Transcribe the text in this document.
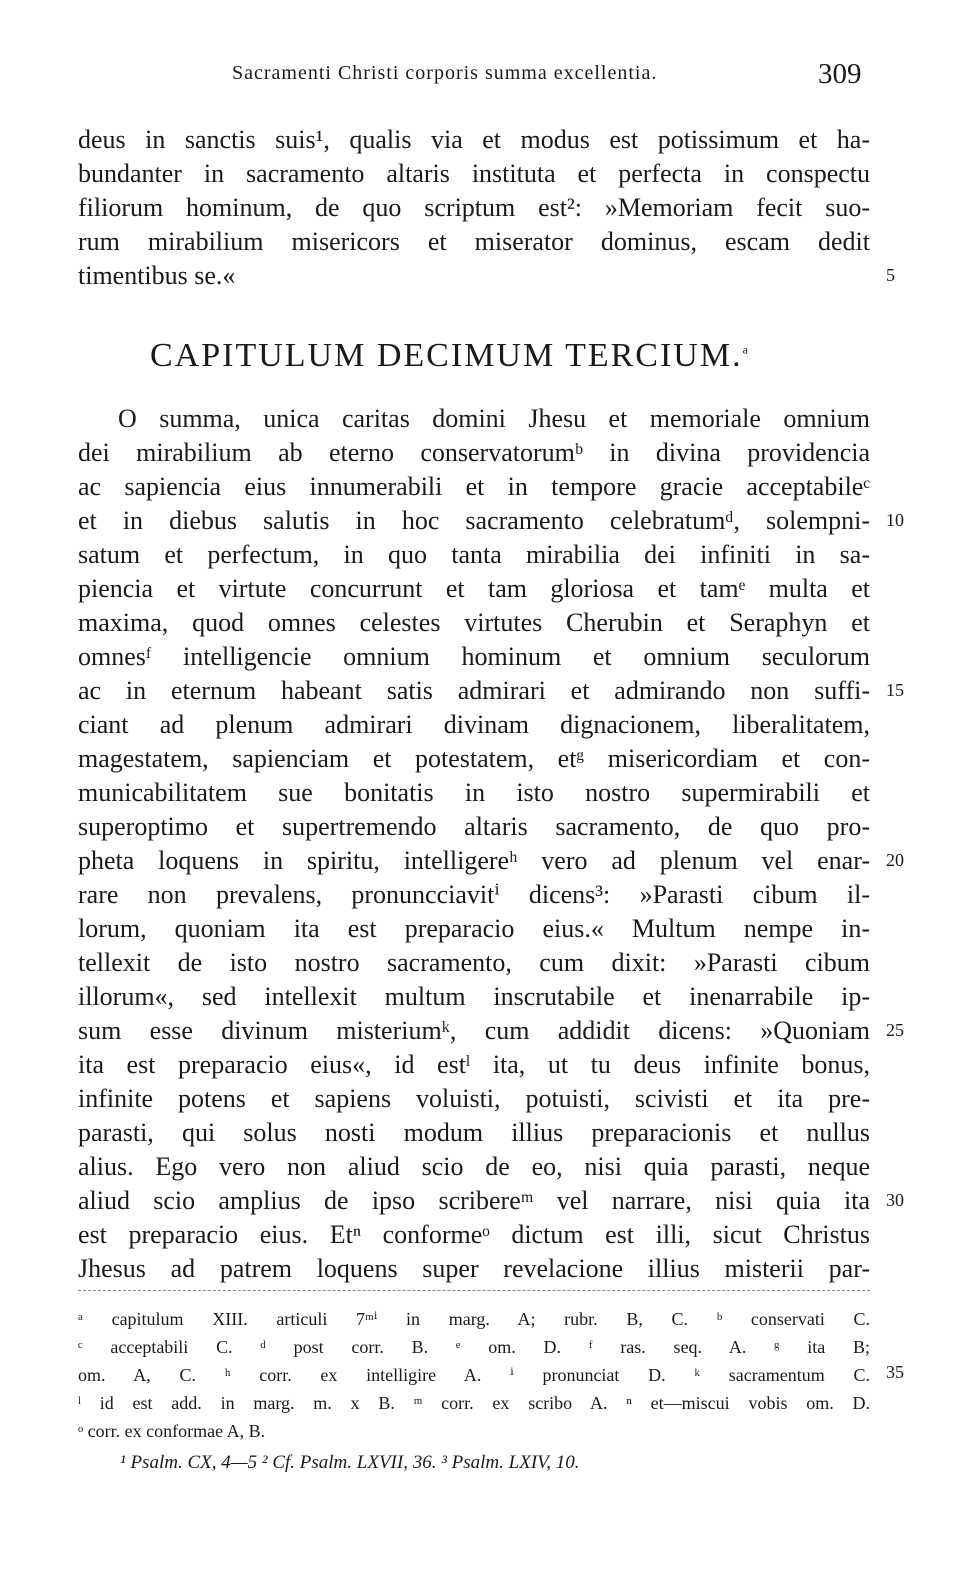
Sacramenti Christi corporis summa excellentia.	309
deus in sanctis suis¹, qualis via et modus est potissimum et ha-
bundanter in sacramento altaris instituta et perfecta in conspectu
filiorum hominum, de quo scriptum est²: »Memoriam fecit suo-
rum mirabilium misericors et miserator dominus, escam dedit
timentibus se.«
CAPITULUM DECIMUM TERCIUM.$^a$
O summa, unica caritas domini Jhesu et memoriale omnium
dei mirabilium ab eterno conservatorumᵇ in divina providencia
ac sapiencia eius innumerabili et in tempore gracie acceptabileᶜ
et in diebus salutis in hoc sacramento celebratumᵈ, solempni-
satum et perfectum, in quo tanta mirabilia dei infiniti in sa-
piencia et virtute concurrunt et tam gloriosa et tamᵉ multa et
maxima, quod omnes celestes virtutes Cherubin et Seraphyn et
omnesᶠ intelligencie omnium hominum et omnium seculorum
ac in eternum habeant satis admirari et admirando non suffi-
ciant ad plenum admirari divinam dignacionem, liberalitatem,
magestatem, sapienciam et potestatem, etᵍ misericordiam et con-
municabilitatem sue bonitatis in isto nostro supermirabili et
superoptimo et supertremendo altaris sacramento, de quo pro-
pheta loquens in spiritu, intelligereʰ vero ad plenum vel enar-
rare non prevalens, pronuncciavitⁱ dicens³: »Parasti cibum il-
lorum, quoniam ita est preparacio eius.« Multum nempe in-
tellexit de isto nostro sacramento, cum dixit: »Parasti cibum
illorum«, sed intellexit multum inscrutabile et inenarrabile ip-
sum esse divinum misteriumᵏ, cum addidit dicens: »Quoniam
ita est preparacio eius«, id estˡ ita, ut tu deus infinite bonus,
infinite potens et sapiens voluisti, potuisti, scivisti et ita pre-
parasti, qui solus nosti modum illius preparacionis et nullus
alius. Ego vero non aliud scio de eo, nisi quia parasti, neque
aliud scio amplius de ipso scribereᵐ vel narrare, nisi quia ita
est preparacio eius. Etⁿ conformeᵒ dictum est illi, sicut Christus
Jhesus ad patrem loquens super revelacione illius misterii par-
5
10
15
20
25
30
35
ᵃ capitulum XIII. articuli 7ᵐⁱ in marg. A; rubr. B, C. ᵇ conservati C.
ᶜ acceptabili C. ᵈ post corr. B. ᵉ om. D. ᶠ ras. seq. A. ᵍ ita B;
om. A, C. ʰ corr. ex intelligire A. ⁱ pronunciat D. ᵏ sacramentum C.
ˡ id est add. in marg. m. x B. ᵐ corr. ex scribo A. ⁿ et—miscui vobis om. D.
ᵒ corr. ex conformae A, B.
¹ Psalm. CX, 4—5 ² Cf. Psalm. LXVII, 36. ³ Psalm. LXIV, 10.
